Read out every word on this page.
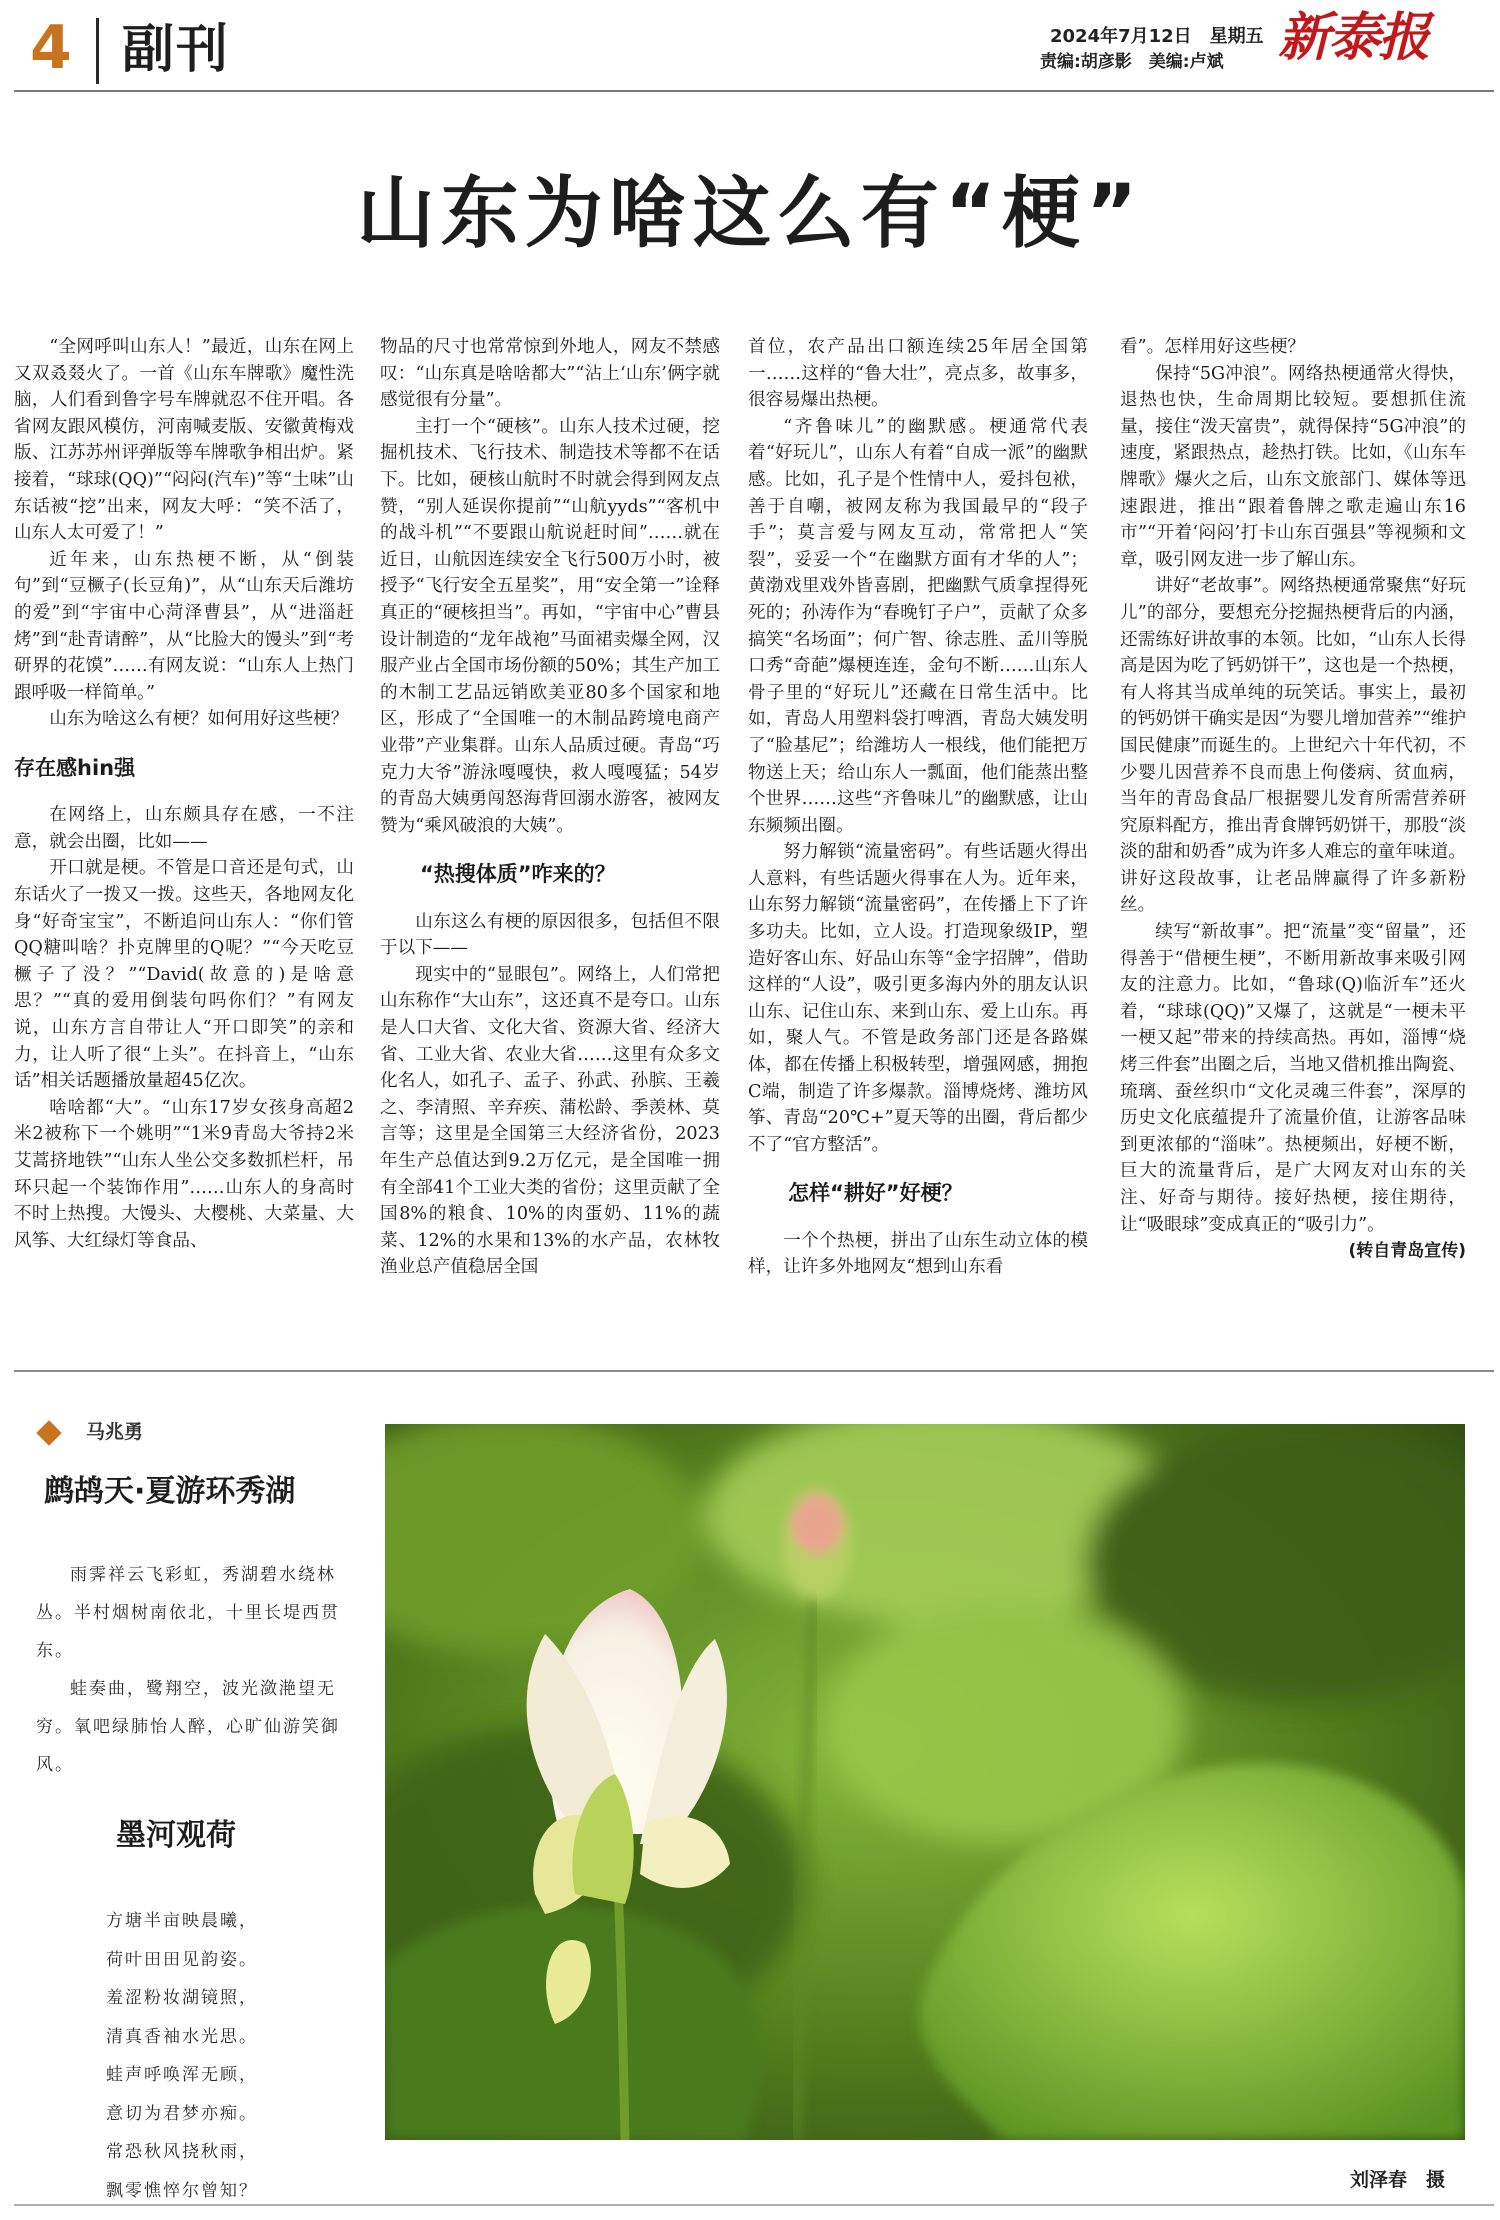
4 副刊	2024年7月12日　星期五
责编:胡彦影　美编:卢斌	新泰报
山东为啥这么有“梗”

“全网呼叫山东人！”最近，山东在网上又双叒叕火了。一首《山东车牌歌》魔性洗脑，人们看到鲁字号车牌就忍不住开唱。各省网友跟风模仿，河南喊麦版、安徽黄梅戏版、江苏苏州评弹版等车牌歌争相出炉。紧接着，“球球(QQ)”“闷闷(汽车)”等“土味”山东话被“挖”出来，网友大呼：“笑不活了，山东人太可爱了！”

近年来，山东热梗不断，从“倒装句”到“豆橛子(长豆角)”，从“山东天后潍坊的爱”到“宇宙中心菏泽曹县”，从“进淄赶烤”到“赴青请醉”，从“比脸大的馒头”到“考研界的花馍”……有网友说：“山东人上热门跟呼吸一样简单。”

山东为啥这么有梗？如何用好这些梗？

存在感hin强

在网络上，山东颇具存在感，一不注意，就会出圈，比如——

开口就是梗。不管是口音还是句式，山东话火了一拨又一拨。这些天，各地网友化身“好奇宝宝”，不断追问山东人：“你们管QQ糖叫啥？扑克牌里的Q呢？”“今天吃豆橛子了没？”“David(故意的)是啥意思？”“真的爱用倒装句吗你们？”有网友说，山东方言自带让人“开口即笑”的亲和力，让人听了很“上头”。在抖音上，“山东话”相关话题播放量超45亿次。

啥啥都“大”。“山东17岁女孩身高超2米2被称下一个姚明”“1米9青岛大爷持2米艾蒿挤地铁”“山东人坐公交多数抓栏杆，吊环只起一个装饰作用”……山东人的身高时不时上热搜。大馒头、大樱桃、大菜量、大风筝、大红绿灯等食品、

物品的尺寸也常常惊到外地人，网友不禁感叹：“山东真是啥啥都大”“沾上‘山东’俩字就感觉很有分量”。

主打一个“硬核”。山东人技术过硬，挖掘机技术、飞行技术、制造技术等都不在话下。比如，硬核山航时不时就会得到网友点赞，“别人延误你提前”“山航yyds”“客机中的战斗机”“不要跟山航说赶时间”……就在近日，山航因连续安全飞行500万小时，被授予“飞行安全五星奖”，用“安全第一”诠释真正的“硬核担当”。再如，“宇宙中心”曹县设计制造的“龙年战袍”马面裙卖爆全网，汉服产业占全国市场份额的50%；其生产加工的木制工艺品远销欧美亚80多个国家和地区，形成了“全国唯一的木制品跨境电商产业带”产业集群。山东人品质过硬。青岛“巧克力大爷”游泳嘎嘎快，救人嘎嘎猛；54岁的青岛大姨勇闯怒海背回溺水游客，被网友赞为“乘风破浪的大姨”。

“热搜体质”咋来的？

山东这么有梗的原因很多，包括但不限于以下——

现实中的“显眼包”。网络上，人们常把山东称作“大山东”，这还真不是夸口。山东是人口大省、文化大省、资源大省、经济大省、工业大省、农业大省……这里有众多文化名人，如孔子、孟子、孙武、孙膑、王羲之、李清照、辛弃疾、蒲松龄、季羡林、莫言等；这里是全国第三大经济省份，2023年生产总值达到9.2万亿元，是全国唯一拥有全部41个工业大类的省份；这里贡献了全国8%的粮食、10%的肉蛋奶、11%的蔬菜、12%的水果和13%的水产品，农林牧渔业总产值稳居全国

首位，农产品出口额连续25年居全国第一……这样的“鲁大壮”，亮点多，故事多，很容易爆出热梗。

“齐鲁味儿”的幽默感。梗通常代表着“好玩儿”，山东人有着“自成一派”的幽默感。比如，孔子是个性情中人，爱抖包袱，善于自嘲，被网友称为我国最早的“段子手”；莫言爱与网友互动，常常把人“笑裂”，妥妥一个“在幽默方面有才华的人”；黄渤戏里戏外皆喜剧，把幽默气质拿捏得死死的；孙涛作为“春晚钉子户”，贡献了众多搞笑“名场面”；何广智、徐志胜、孟川等脱口秀“奇葩”爆梗连连，金句不断……山东人骨子里的“好玩儿”还藏在日常生活中。比如，青岛人用塑料袋打啤酒，青岛大姨发明了“脸基尼”；给潍坊人一根线，他们能把万物送上天；给山东人一瓢面，他们能蒸出整个世界……这些“齐鲁味儿”的幽默感，让山东频频出圈。

努力解锁“流量密码”。有些话题火得出人意料，有些话题火得事在人为。近年来，山东努力解锁“流量密码”，在传播上下了许多功夫。比如，立人设。打造现象级IP，塑造好客山东、好品山东等“金字招牌”，借助这样的“人设”，吸引更多海内外的朋友认识山东、记住山东、来到山东、爱上山东。再如，聚人气。不管是政务部门还是各路媒体，都在传播上积极转型，增强网感，拥抱C端，制造了许多爆款。淄博烧烤、潍坊风筝、青岛“20℃+”夏天等的出圈，背后都少不了“官方整活”。

怎样“耕好”好梗？

一个个热梗，拼出了山东生动立体的模样，让许多外地网友“想到山东看

看”。怎样用好这些梗？

保持“5G冲浪”。网络热梗通常火得快，退热也快，生命周期比较短。要想抓住流量，接住“泼天富贵”，就得保持“5G冲浪”的速度，紧跟热点，趁热打铁。比如，《山东车牌歌》爆火之后，山东文旅部门、媒体等迅速跟进，推出“跟着鲁牌之歌走遍山东16市”“开着‘闷闷’打卡山东百强县”等视频和文章，吸引网友进一步了解山东。

讲好“老故事”。网络热梗通常聚焦“好玩儿”的部分，要想充分挖掘热梗背后的内涵，还需练好讲故事的本领。比如，“山东人长得高是因为吃了钙奶饼干”，这也是一个热梗，有人将其当成单纯的玩笑话。事实上，最初的钙奶饼干确实是因“为婴儿增加营养”“维护国民健康”而诞生的。上世纪六十年代初，不少婴儿因营养不良而患上佝偻病、贫血病，当年的青岛食品厂根据婴儿发育所需营养研究原料配方，推出青食牌钙奶饼干，那股“淡淡的甜和奶香”成为许多人难忘的童年味道。讲好这段故事，让老品牌赢得了许多新粉丝。

续写“新故事”。把“流量”变“留量”，还得善于“借梗生梗”，不断用新故事来吸引网友的注意力。比如，“鲁球(Q)临沂车”还火着，“球球(QQ)”又爆了，这就是“一梗未平一梗又起”带来的持续高热。再如，淄博“烧烤三件套”出圈之后，当地又借机推出陶瓷、琉璃、蚕丝织巾“文化灵魂三件套”，深厚的历史文化底蕴提升了流量价值，让游客品味到更浓郁的“淄味”。热梗频出，好梗不断，巨大的流量背后，是广大网友对山东的关注、好奇与期待。接好热梗，接住期待，让“吸眼球”变成真正的“吸引力”。

(转自青岛宣传)
马兆勇
鹧鸪天·夏游环秀湖

雨霁祥云飞彩虹，秀湖碧水绕林丛。半村烟树南依北，十里长堤西贯东。

蛙奏曲，鹭翔空，波光潋滟望无穷。氧吧绿肺怡人醉，心旷仙游笑御风。

墨河观荷
方塘半亩映晨曦，
荷叶田田见韵姿。
羞涩粉妆湖镜照，
清真香袖水光思。
蛙声呼唤浑无顾，
意切为君梦亦痴。
常恐秋风挠秋雨，
飘零憔悴尔曾知？	刘泽春　摄
